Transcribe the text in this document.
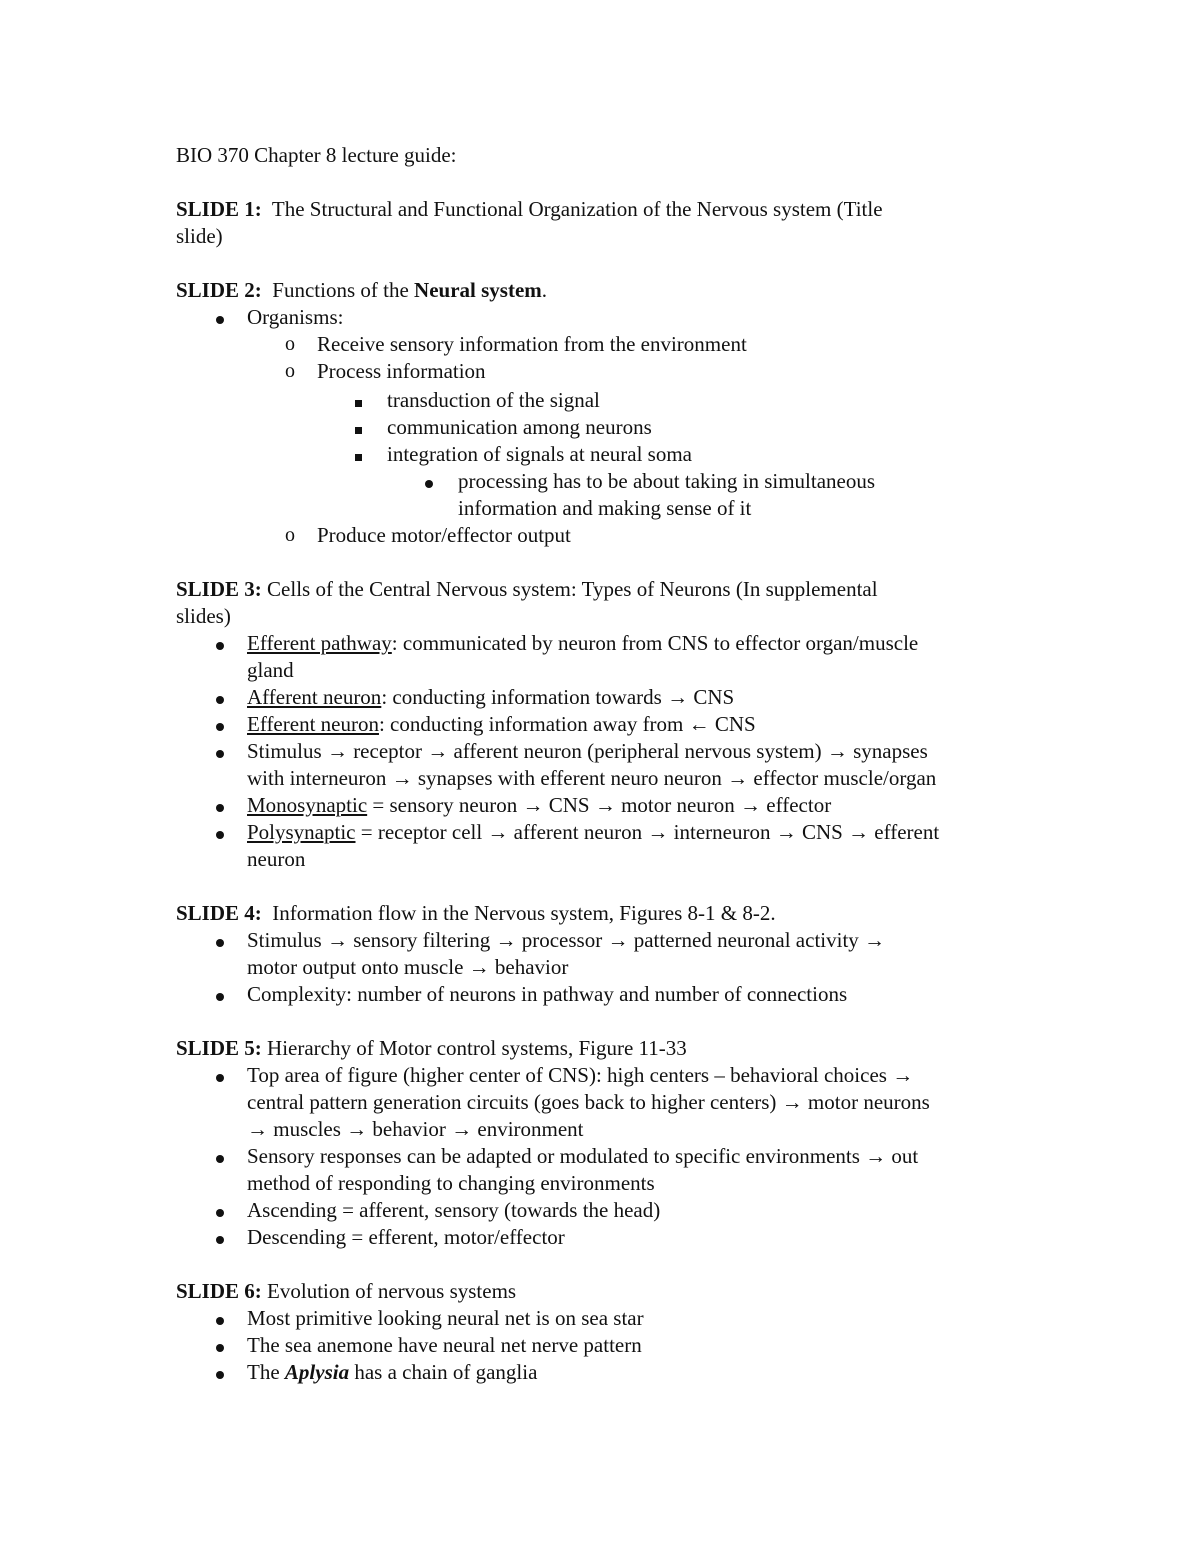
BIO 370 Chapter 8 lecture guide:
SLIDE 1: The Structural and Functional Organization of the Nervous system (Title
slide)
SLIDE 2: Functions of the Neural system.
Organisms:
o	Receive sensory information from the environment
o	Process information
transduction of the signal
communication among neurons
integration of signals at neural soma
processing has to be about taking in simultaneous
information and making sense of it
o	Produce motor/effector output
SLIDE 3: Cells of the Central Nervous system: Types of Neurons (In supplemental
slides)
Efferent pathway: communicated by neuron from CNS to effector organ/muscle
gland
Afferent neuron: conducting information towards → CNS
Efferent neuron: conducting information away from ← CNS
Stimulus → receptor → afferent neuron (peripheral nervous system) → synapses
with interneuron → synapses with efferent neuro neuron → effector muscle/organ
Monosynaptic = sensory neuron → CNS → motor neuron → effector
Polysynaptic = receptor cell → afferent neuron → interneuron → CNS → efferent
neuron
SLIDE 4: Information flow in the Nervous system, Figures 8-1 & 8-2.
Stimulus → sensory filtering → processor → patterned neuronal activity →
motor output onto muscle → behavior
Complexity: number of neurons in pathway and number of connections
SLIDE 5: Hierarchy of Motor control systems, Figure 11-33
Top area of figure (higher center of CNS): high centers – behavioral choices →
central pattern generation circuits (goes back to higher centers) → motor neurons
→ muscles → behavior → environment
Sensory responses can be adapted or modulated to specific environments → out
method of responding to changing environments
Ascending = afferent, sensory (towards the head)
Descending = efferent, motor/effector
SLIDE 6: Evolution of nervous systems
Most primitive looking neural net is on sea star
The sea anemone have neural net nerve pattern
The Aplysia has a chain of ganglia
